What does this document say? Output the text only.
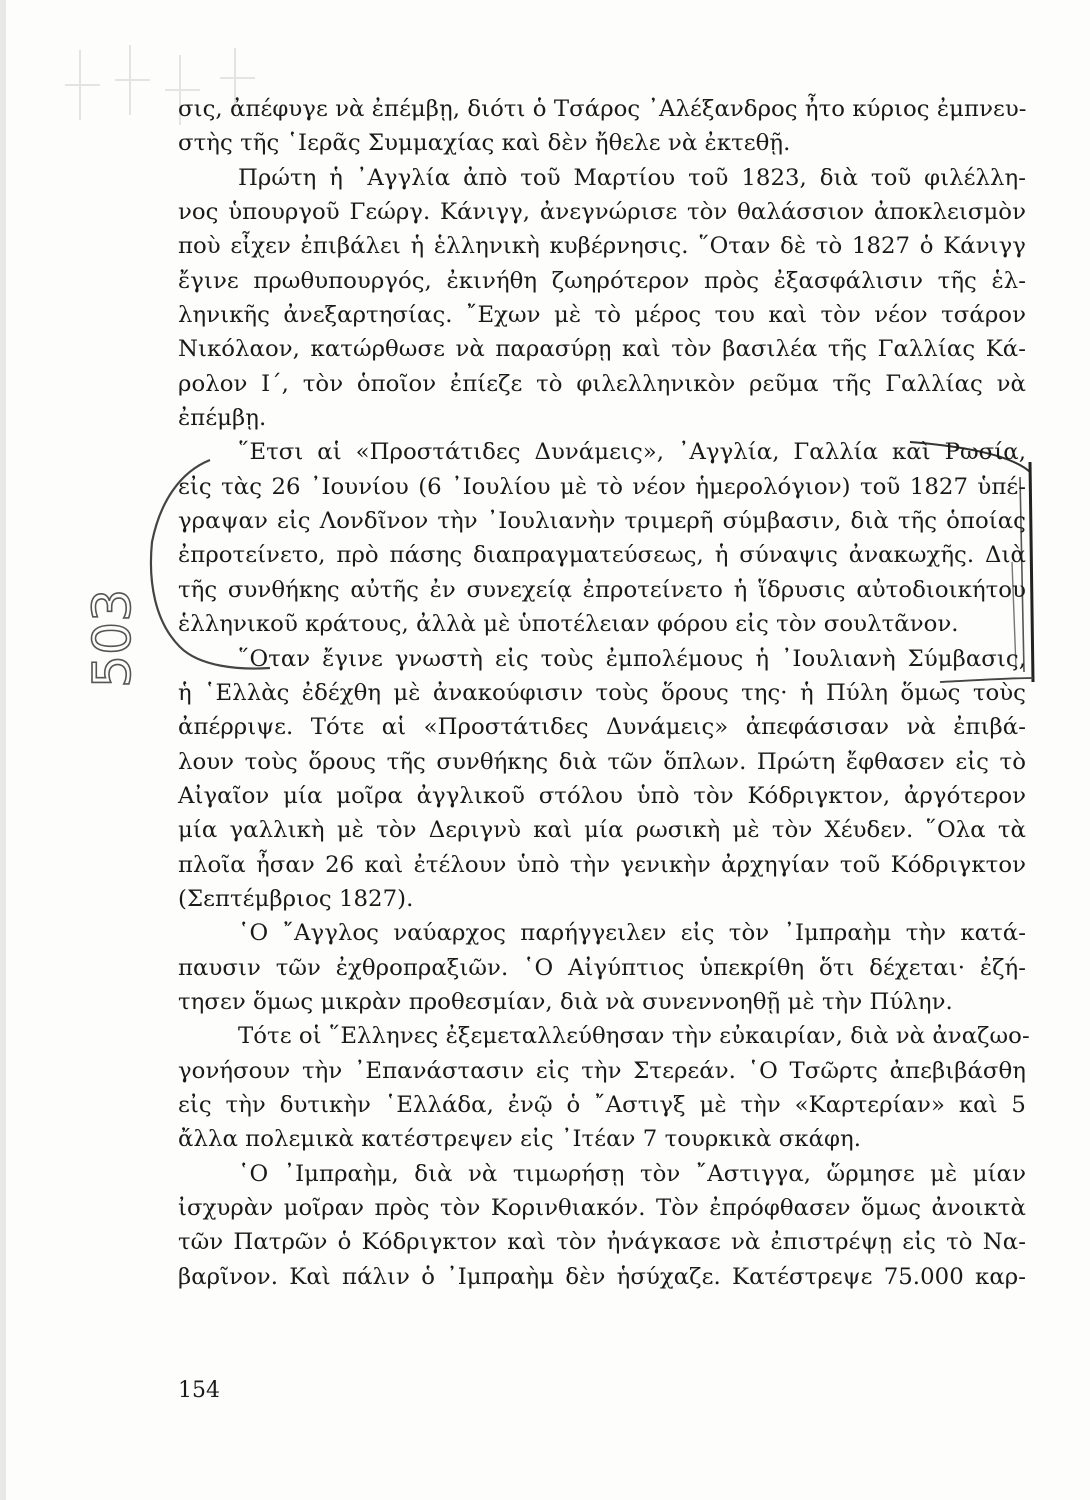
503
σις, ἀπέφυγε νὰ ἐπέμβῃ, διότι ὁ Τσάρος ᾿Αλέξανδρος ἦτο κύριος ἐμπνευ-
στὴς τῆς ῾Ιερᾶς Συμμαχίας καὶ δὲν ἤθελε νὰ ἐκτεθῇ.
Πρώτη ἡ ᾿Αγγλία ἀπὸ τοῦ Μαρτίου τοῦ 1823, διὰ τοῦ φιλέλλη-
νος ὑπουργοῦ Γεώργ. Κάνιγγ, ἀνεγνώρισε τὸν θαλάσσιον ἀποκλεισμὸν
ποὺ εἶχεν ἐπιβάλει ἡ ἑλληνικὴ κυβέρνησις. ῞Οταν δὲ τὸ 1827 ὁ Κάνιγγ
ἔγινε πρωθυπουργός, ἐκινήθη ζωηρότερον πρὸς ἐξασφάλισιν τῆς ἑλ-
ληνικῆς ἀνεξαρτησίας. ῎Εχων μὲ τὸ μέρος του καὶ τὸν νέον τσάρον
Νικόλαον, κατώρθωσε νὰ παρασύρῃ καὶ τὸν βασιλέα τῆς Γαλλίας Κά-
ρολον Ι΄, τὸν ὁποῖον ἐπίεζε τὸ φιλελληνικὸν ρεῦμα τῆς Γαλλίας νὰ
ἐπέμβῃ.
῞Ετσι αἱ «Προστάτιδες Δυνάμεις», ᾿Αγγλία, Γαλλία καὶ Ρωσία,
εἰς τὰς 26 ᾿Ιουνίου (6 ᾿Ιουλίου μὲ τὸ νέον ἡμερολόγιον) τοῦ 1827 ὑπέ-
γραψαν εἰς Λονδῖνον τὴν ᾿Ιουλιανὴν τριμερῆ σύμβασιν, διὰ τῆς ὁποίας
ἐπροτείνετο, πρὸ πάσης διαπραγματεύσεως, ἡ σύναψις ἀνακωχῆς. Διὰ
τῆς συνθήκης αὐτῆς ἐν συνεχείᾳ ἐπροτείνετο ἡ ἵδρυσις αὐτοδιοικήτου
ἑλληνικοῦ κράτους, ἀλλὰ μὲ ὑποτέλειαν φόρου εἰς τὸν σουλτᾶνον.
῞Οταν ἔγινε γνωστὴ εἰς τοὺς ἐμπολέμους ἡ ᾿Ιουλιανὴ Σύμβασις,
ἡ ῾Ελλὰς ἐδέχθη μὲ ἀνακούφισιν τοὺς ὅρους της· ἡ Πύλη ὅμως τοὺς
ἀπέρριψε. Τότε αἱ «Προστάτιδες Δυνάμεις» ἀπεφάσισαν νὰ ἐπιβά-
λουν τοὺς ὅρους τῆς συνθήκης διὰ τῶν ὅπλων. Πρώτη ἔφθασεν εἰς τὸ
Αἰγαῖον μία μοῖρα ἀγγλικοῦ στόλου ὑπὸ τὸν Κόδριγκτον, ἀργότερον
μία γαλλικὴ μὲ τὸν Δεριγνὺ καὶ μία ρωσικὴ μὲ τὸν Χέυδεν. ῞Ολα τὰ
πλοῖα ἦσαν 26 καὶ ἐτέλουν ὑπὸ τὴν γενικὴν ἀρχηγίαν τοῦ Κόδριγκτον
(Σεπτέμβριος 1827).
῾Ο ῎Αγγλος ναύαρχος παρήγγειλεν εἰς τὸν ᾿Ιμπραὴμ τὴν κατά-
παυσιν τῶν ἐχθροπραξιῶν. ῾Ο Αἰγύπτιος ὑπεκρίθη ὅτι δέχεται· ἐζή-
τησεν ὅμως μικρὰν προθεσμίαν, διὰ νὰ συνεννοηθῇ μὲ τὴν Πύλην.
Τότε οἱ ῞Ελληνες ἐξεμεταλλεύθησαν τὴν εὐκαιρίαν, διὰ νὰ ἀναζωο-
γονήσουν τὴν ᾿Επανάστασιν εἰς τὴν Στερεάν. ῾Ο Τσῶρτς ἀπεβιβάσθη
εἰς τὴν δυτικὴν ῾Ελλάδα, ἐνῷ ὁ ῎Αστιγξ μὲ τὴν «Καρτερίαν» καὶ 5
ἄλλα πολεμικὰ κατέστρεψεν εἰς ᾿Ιτέαν 7 τουρκικὰ σκάφη.
῾Ο ᾿Ιμπραὴμ, διὰ νὰ τιμωρήσῃ τὸν ῎Αστιγγα, ὥρμησε μὲ μίαν
ἰσχυρὰν μοῖραν πρὸς τὸν Κορινθιακόν. Τὸν ἐπρόφθασεν ὅμως ἀνοικτὰ
τῶν Πατρῶν ὁ Κόδριγκτον καὶ τὸν ἠνάγκασε νὰ ἐπιστρέψῃ εἰς τὸ Να-
βαρῖνον. Καὶ πάλιν ὁ ᾿Ιμπραὴμ δὲν ἡσύχαζε. Κατέστρεψε 75.000 καρ-
154
